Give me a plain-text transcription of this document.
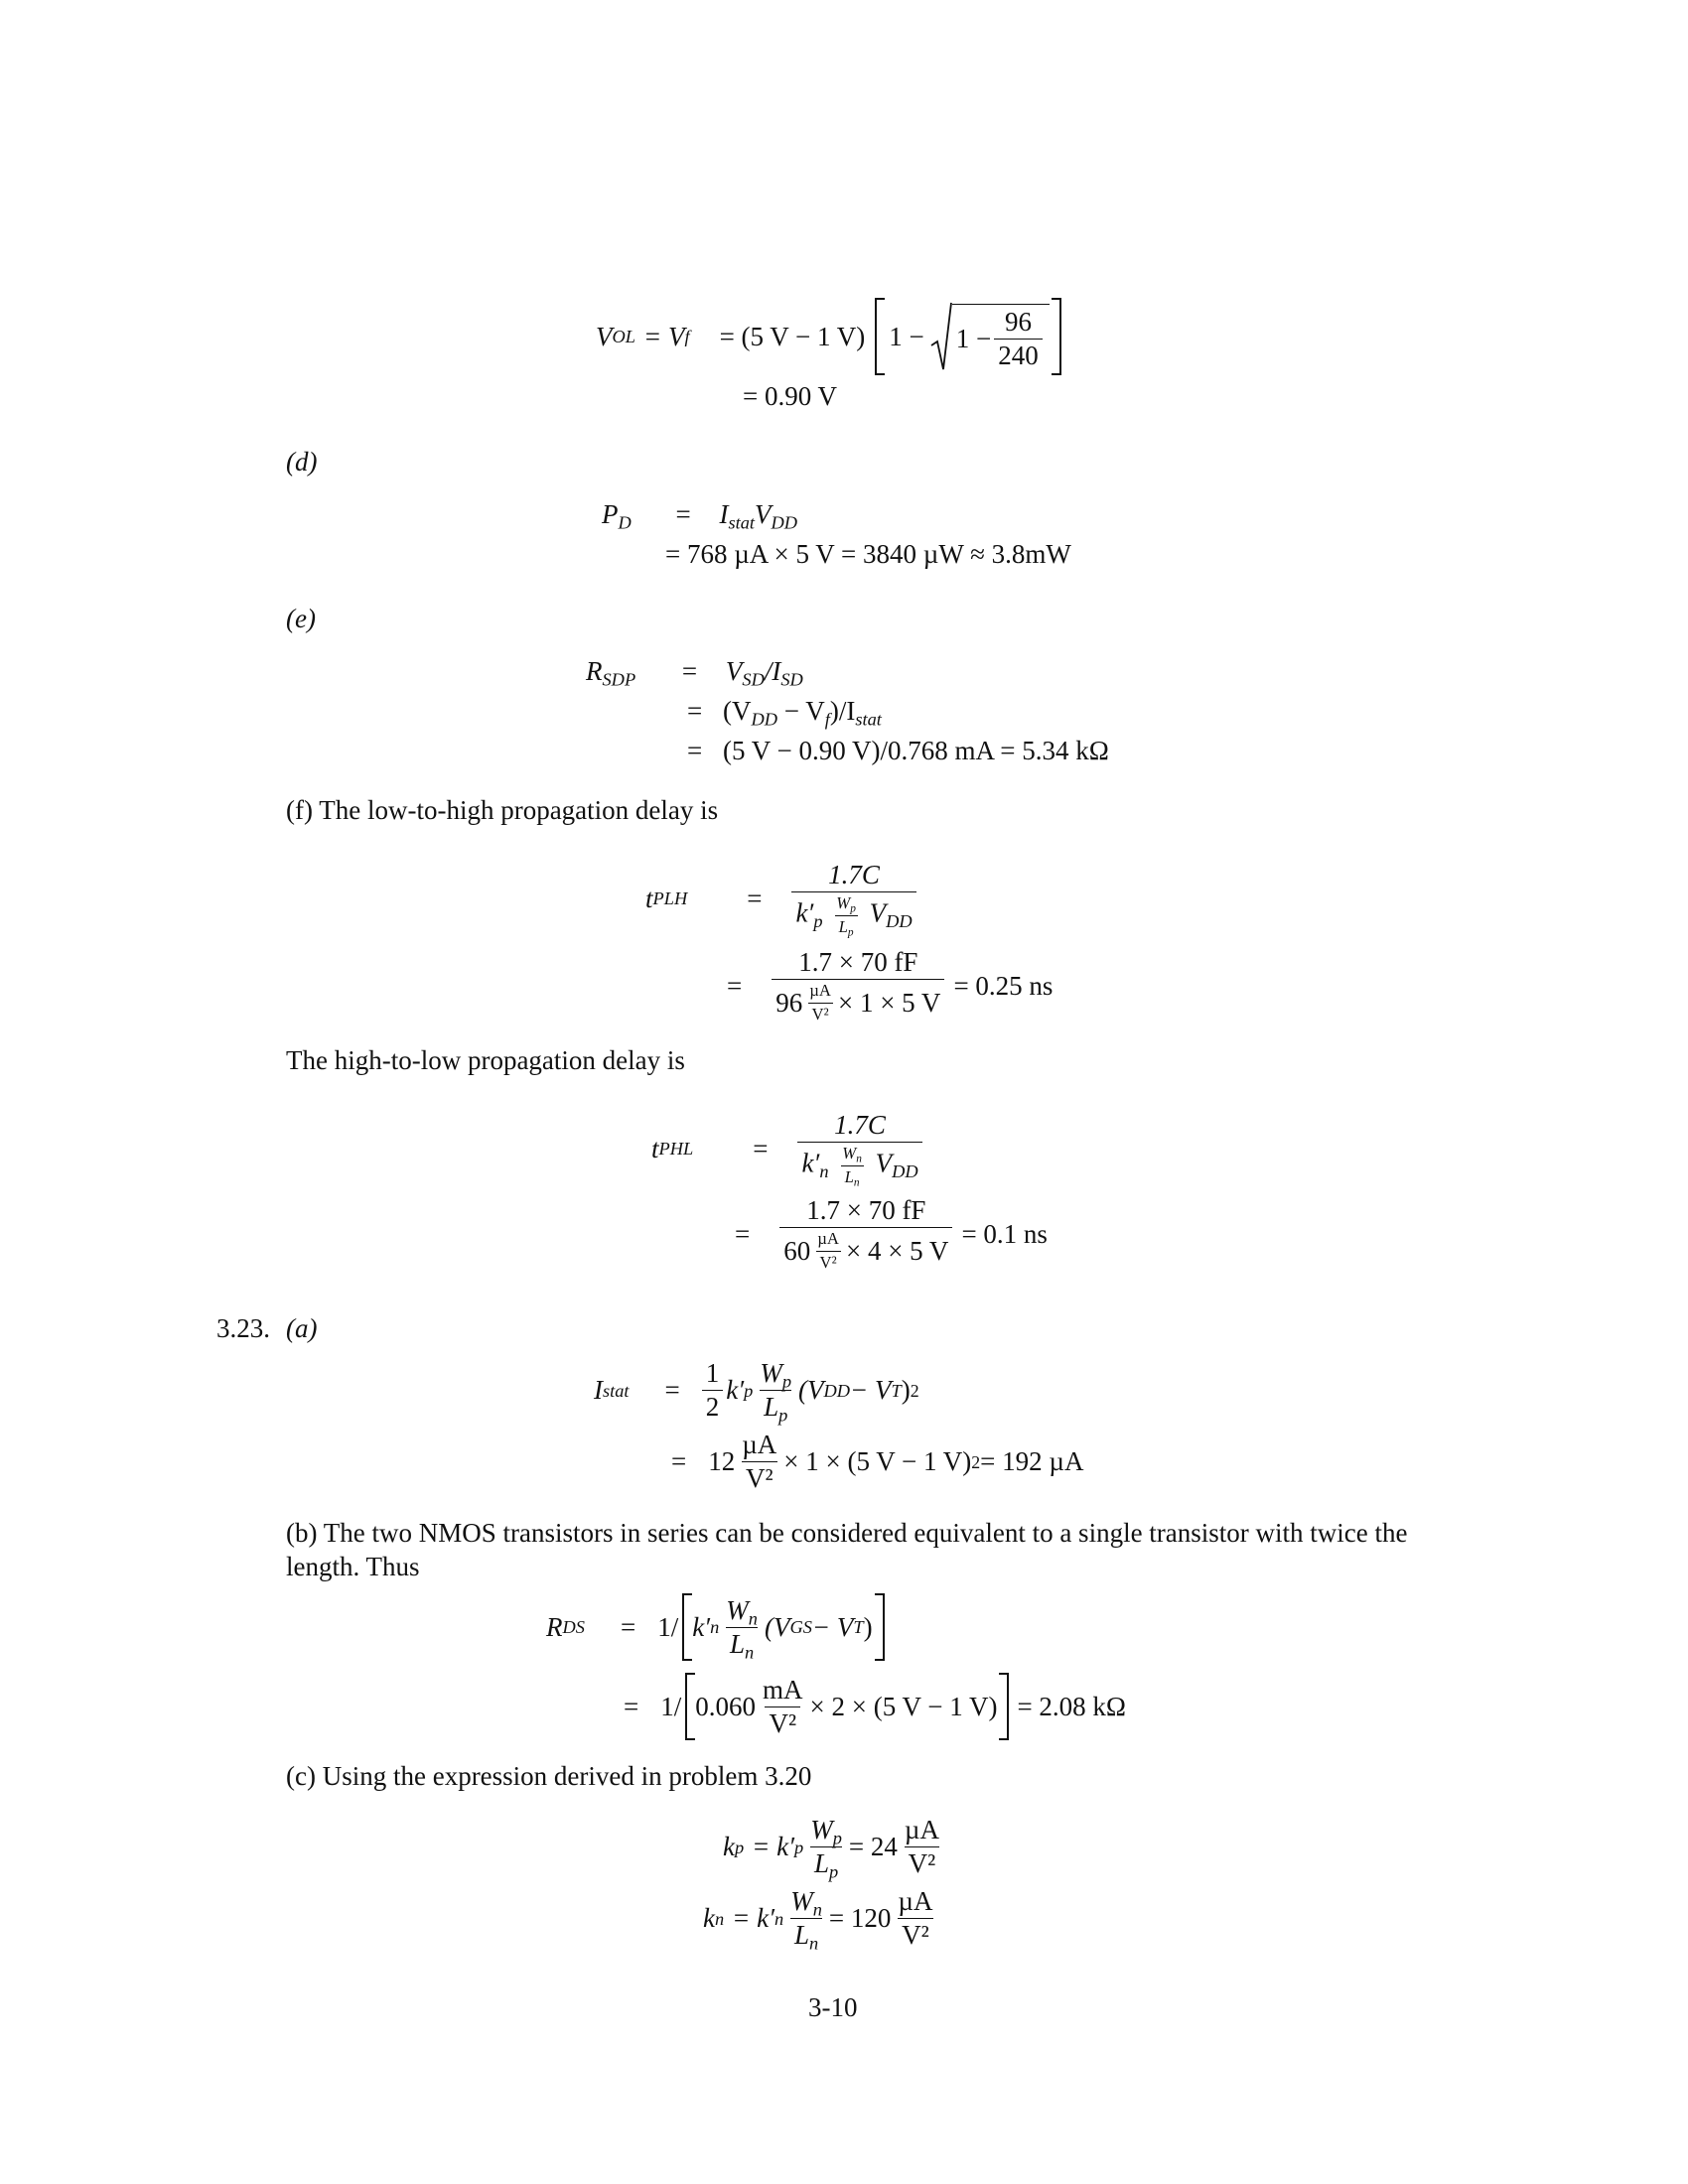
V OL = V f = (5 V − 1 V) $1 - 1 - \frac{96}{240}$
= 0.90 V
(d)
$P_D = I_{stat}V_{DD}$
= 768 µA × 5 V = 3840 µW ≈ 3.8mW
(e)
$R_{SDP} = V_{SD}/I_{SD}$
= $(V_{DD} - V_f)/I_{stat}$
= (5 V − 0.90 V)/0.768 mA = 5.34 kΩ
(f) The low-to-high propagation delay is
t PLH = $\frac{1.7C}{k'_p \frac{W_p}{L_p} V_{DD}}$
= $\frac{1.7 \times 70 fF}{96 \frac{\text{µA}}{\text{V²}} \times 1 \times 5 V} = 0.25$ ns
The high-to-low propagation delay is
t PHL = $\frac{1.7C}{k'_n \frac{W_n}{L_n} V_{DD}}$
= $\frac{1.7 \times 70 fF}{60 \frac{\text{µA}}{\text{V²}} \times 4 \times 5 V} = 0.1$ ns
3.23. (a)
I stat = $\frac{1}{2} k'$ p $\frac{W_p}{L_p} (V$ DD − V T ) 2
= $12 \frac{\text{µA}}{\text{V²}} \times 1 \times (5$ V − 1 V) 2 = 192 µA
(b) The two NMOS transistors in series can be considered equivalent to a single transistor with twice the length. Thus
R DS = 1/ k′ n $\frac{W_n}{L_n} (V$ GS − V T )
= 1/ $0.060 \frac{mA}{\text{V²}} \times 2 \times (5$ V − 1 V) = 2.08 kΩ
(c) Using the expression derived in problem 3.20
k p = k′ p $\frac{W_p}{L_p} = 24 \frac{\text{µA}}{\text{V²}}$
k n = k′ n $\frac{W_n}{L_n} = 120 \frac{\text{µA}}{\text{V²}}$
3-10
